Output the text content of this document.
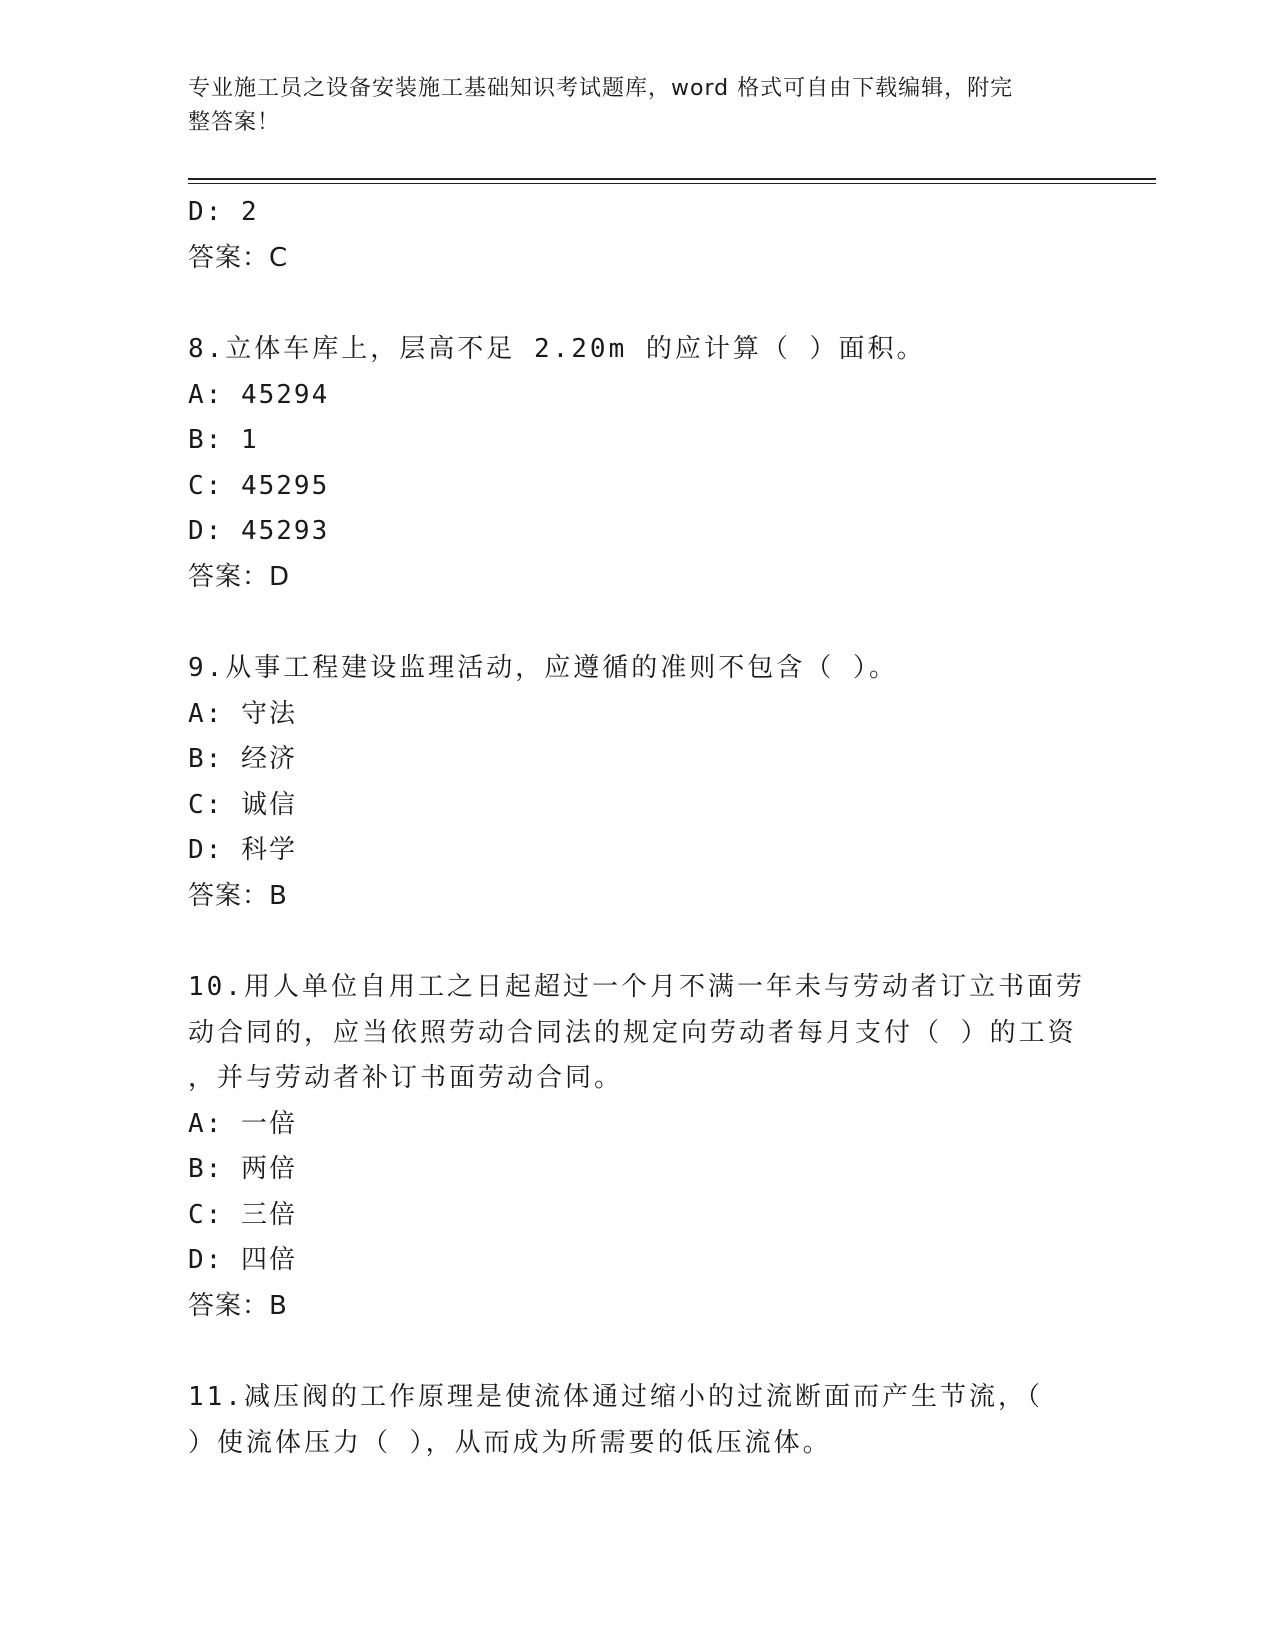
专业施工员之设备安装施工基础知识考试题库，word 格式可自由下载编辑，附完
整答案！
D: 2
答案：C
8.立体车库上，层高不足 2.20m 的应计算（ ）面积。
A: 45294
B: 1
C: 45295
D: 45293
答案：D
9.从事工程建设监理活动，应遵循的准则不包含（ ）。
A: 守法
B: 经济
C: 诚信
D: 科学
答案：B
10.用人单位自用工之日起超过一个月不满一年未与劳动者订立书面劳
动合同的，应当依照劳动合同法的规定向劳动者每月支付（ ）的工资
，并与劳动者补订书面劳动合同。
A: 一倍
B: 两倍
C: 三倍
D: 四倍
答案：B
11.减压阀的工作原理是使流体通过缩小的过流断面而产生节流，（
）使流体压力（ ），从而成为所需要的低压流体。
